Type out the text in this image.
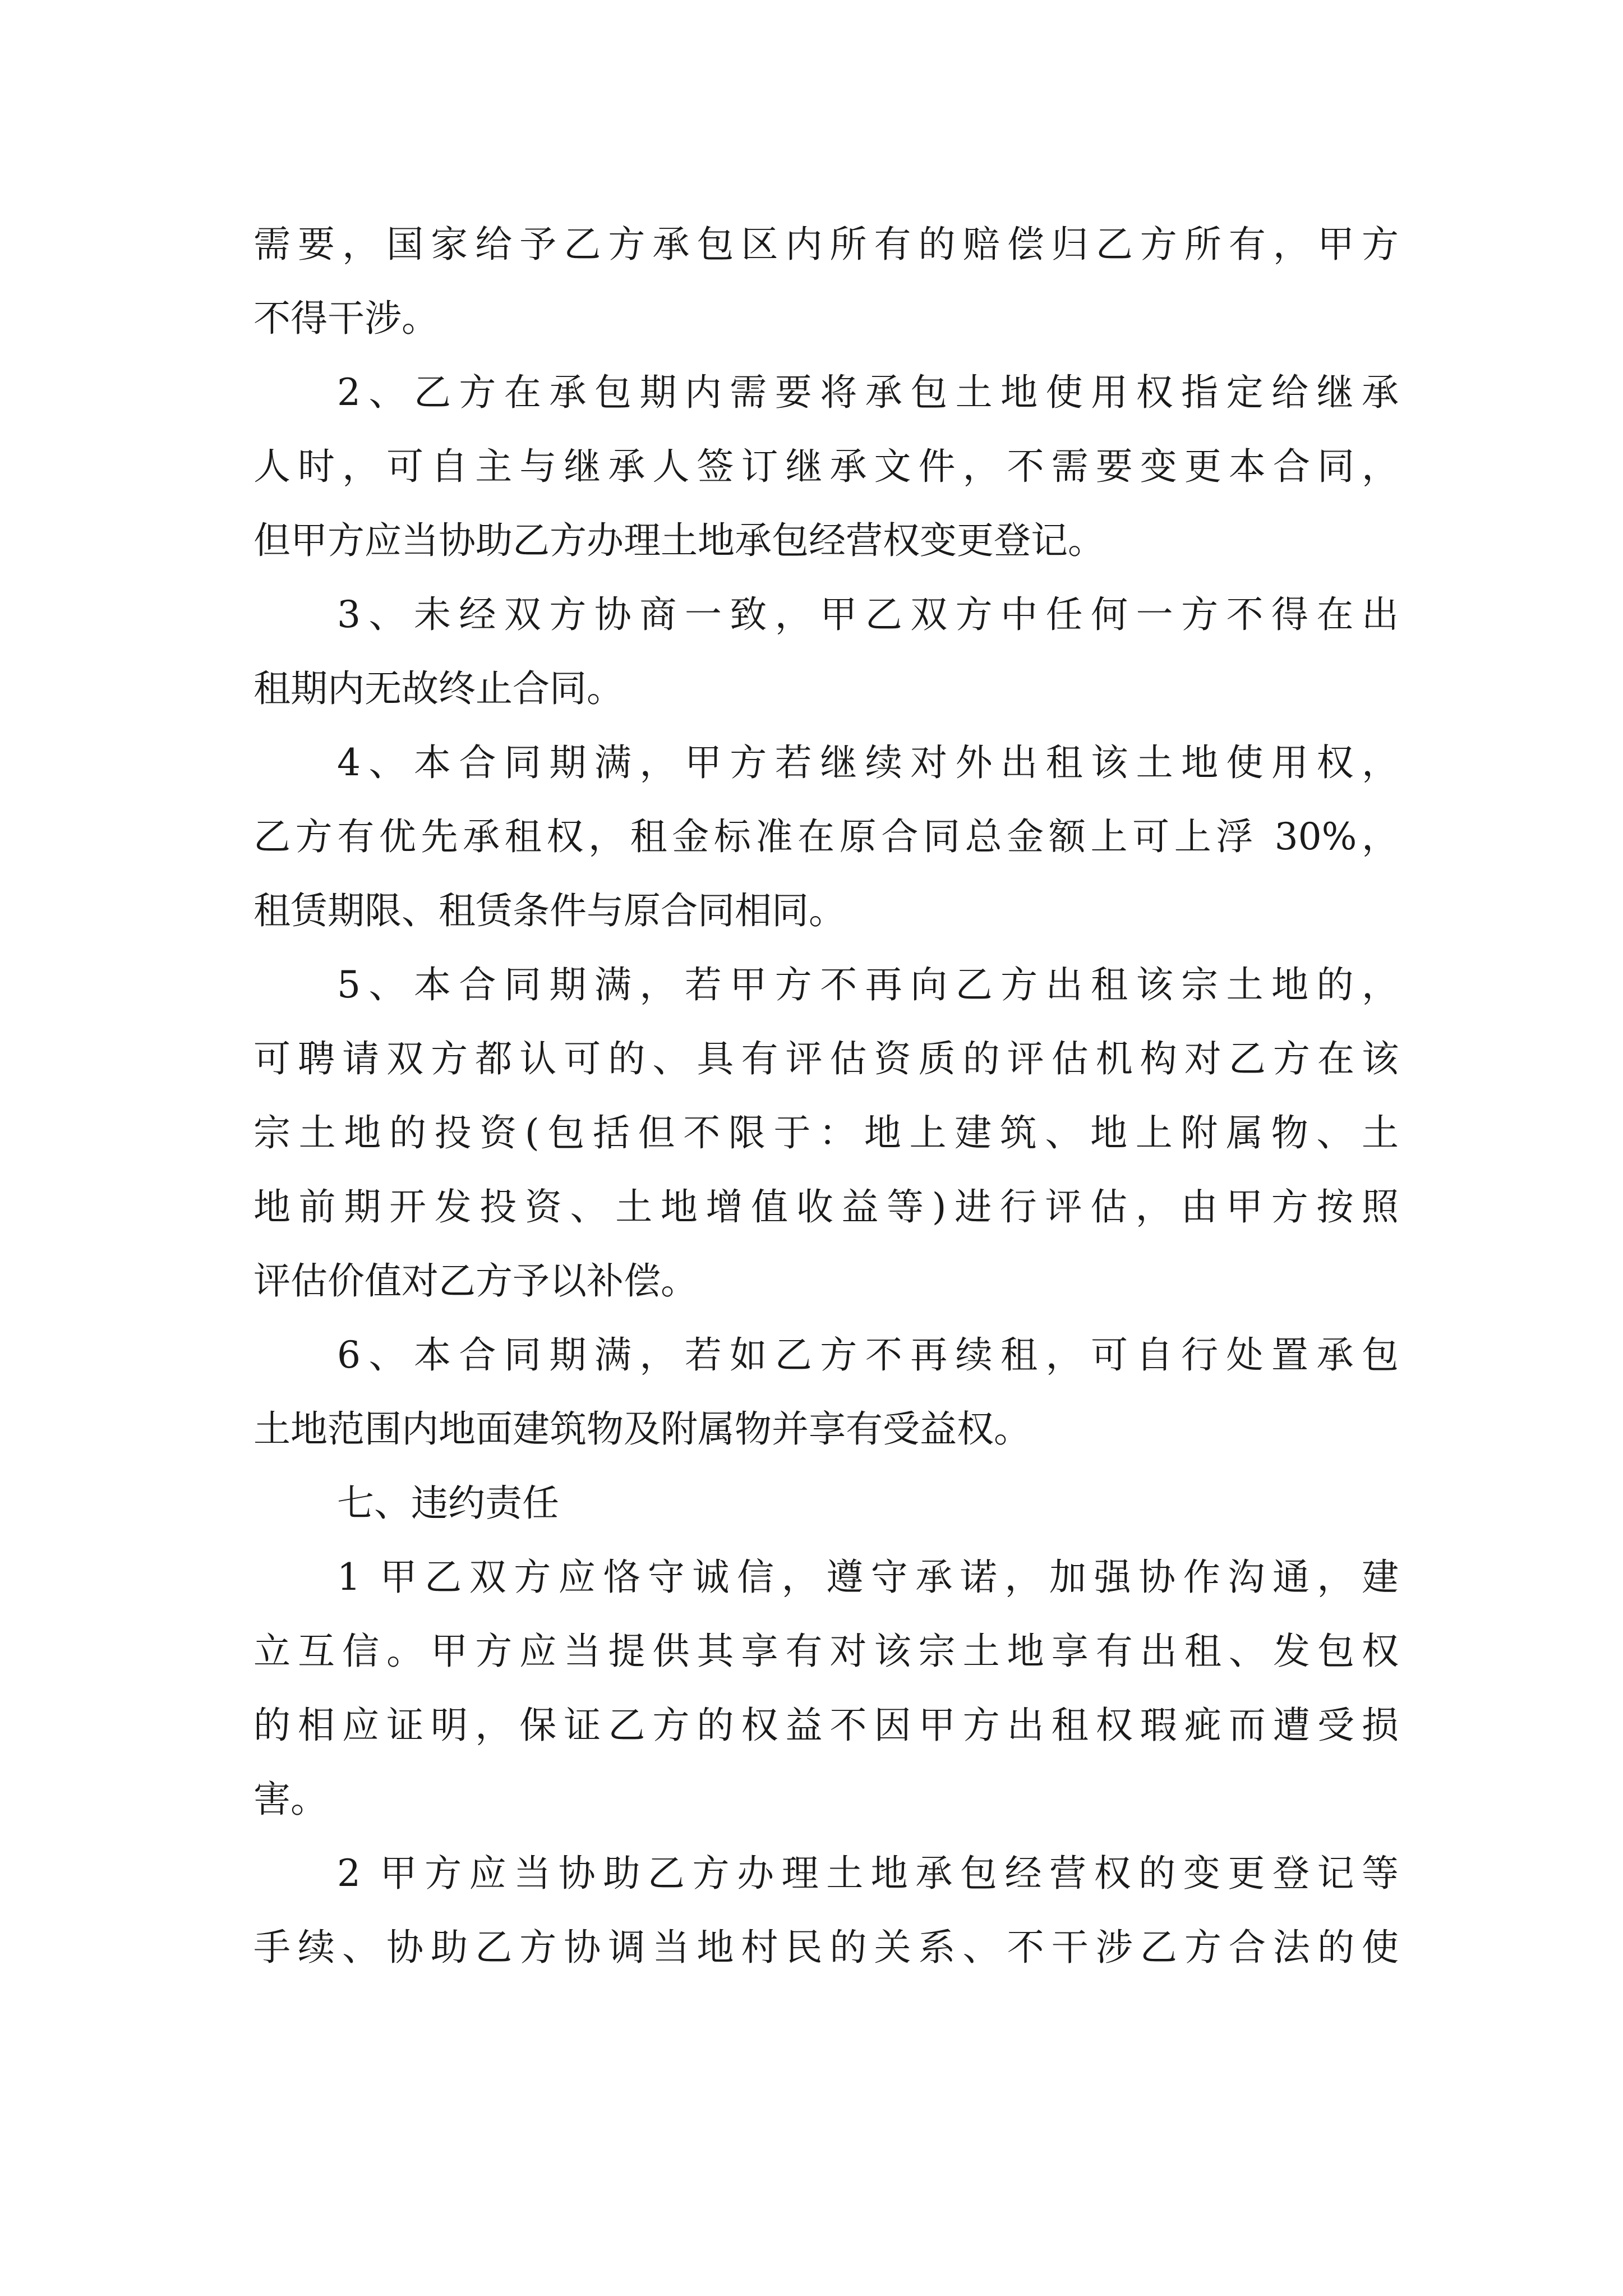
需要，国家给予乙方承包区内所有的赔偿归乙方所有，甲方
不得干涉。
2、乙方在承包期内需要将承包土地使用权指定给继承
人时，可自主与继承人签订继承文件，不需要变更本合同，
但甲方应当协助乙方办理土地承包经营权变更登记。
3、未经双方协商一致，甲乙双方中任何一方不得在出
租期内无故终止合同。
4、本合同期满，甲方若继续对外出租该土地使用权，
乙方有优先承租权，租金标准在原合同总金额上可上浮 30%，
租赁期限、租赁条件与原合同相同。
5、本合同期满，若甲方不再向乙方出租该宗土地的，
可聘请双方都认可的、具有评估资质的评估机构对乙方在该
宗土地的投资(包括但不限于：地上建筑、地上附属物、土
地前期开发投资、土地增值收益等)进行评估，由甲方按照
评估价值对乙方予以补偿。
6、本合同期满，若如乙方不再续租，可自行处置承包
土地范围内地面建筑物及附属物并享有受益权。
七、违约责任
1 甲乙双方应恪守诚信，遵守承诺，加强协作沟通，建
立互信。甲方应当提供其享有对该宗土地享有出租、发包权
的相应证明，保证乙方的权益不因甲方出租权瑕疵而遭受损
害。
2 甲方应当协助乙方办理土地承包经营权的变更登记等
手续、协助乙方协调当地村民的关系、不干涉乙方合法的使
